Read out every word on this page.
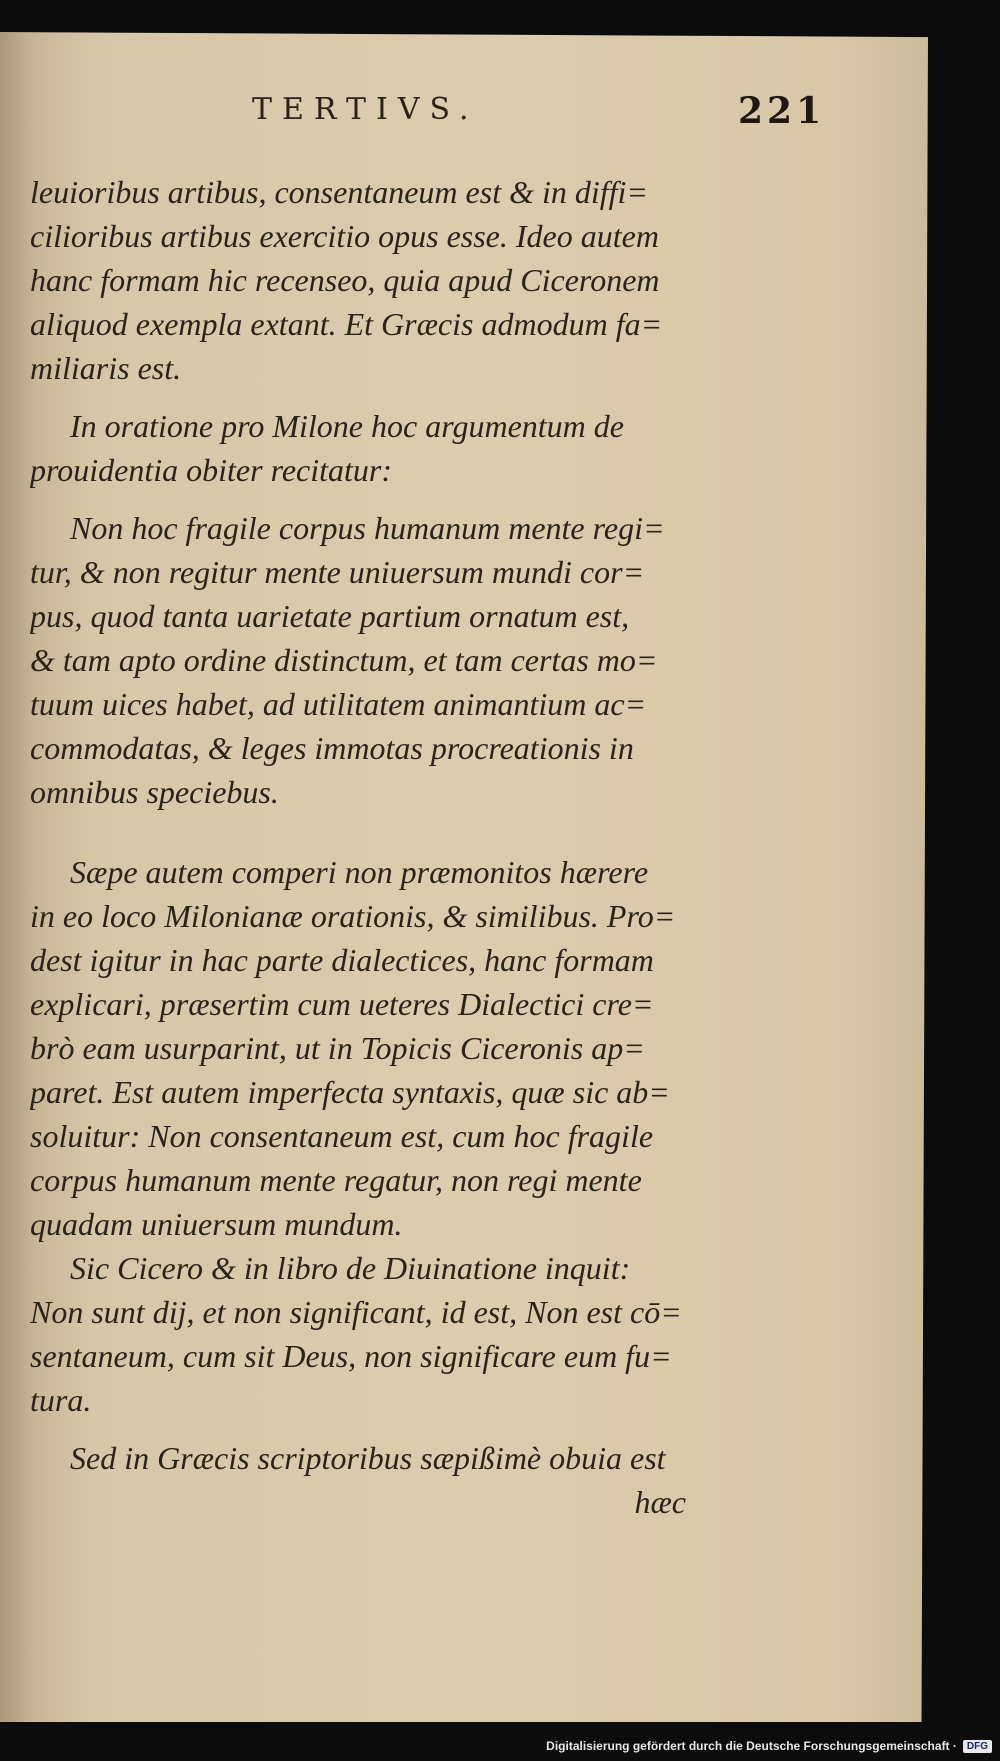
TERTIVS.	221
leuioribus artibus, consentaneum est & in diffi=
cilioribus artibus exercitio opus esse. Ideo autem
hanc formam hic recenseo, quia apud Ciceronem
aliquod exempla extant. Et Græcis admodum fa=
miliaris est.
In oratione pro Milone hoc argumentum de
prouidentia obiter recitatur:
Non hoc fragile corpus humanum mente regi=
tur, & non regitur mente uniuersum mundi cor=
pus, quod tanta uarietate partium ornatum est,
& tam apto ordine distinctum, et tam certas mo=
tuum uices habet, ad utilitatem animantium ac=
commodatas, & leges immotas procreationis in
omnibus speciebus.
Sæpe autem comperi non præmonitos hærere
in eo loco Milonianæ orationis, & similibus. Pro=
dest igitur in hac parte dialectices, hanc formam
explicari, præsertim cum ueteres Dialectici cre=
brò eam usurparint, ut in Topicis Ciceronis ap=
paret. Est autem imperfecta syntaxis, quæ sic ab=
soluitur: Non consentaneum est, cum hoc fragile
corpus humanum mente regatur, non regi mente
quadam uniuersum mundum.
Sic Cicero & in libro de Diuinatione inquit:
Non sunt dij, et non significant, id est, Non est cō=
sentaneum, cum sit Deus, non significare eum fu=
tura.
Sed in Græcis scriptoribus sæpißimè obuia est
hæc
Digitalisierung gefördert durch die Deutsche Forschungsgemeinschaft ·	DFG
